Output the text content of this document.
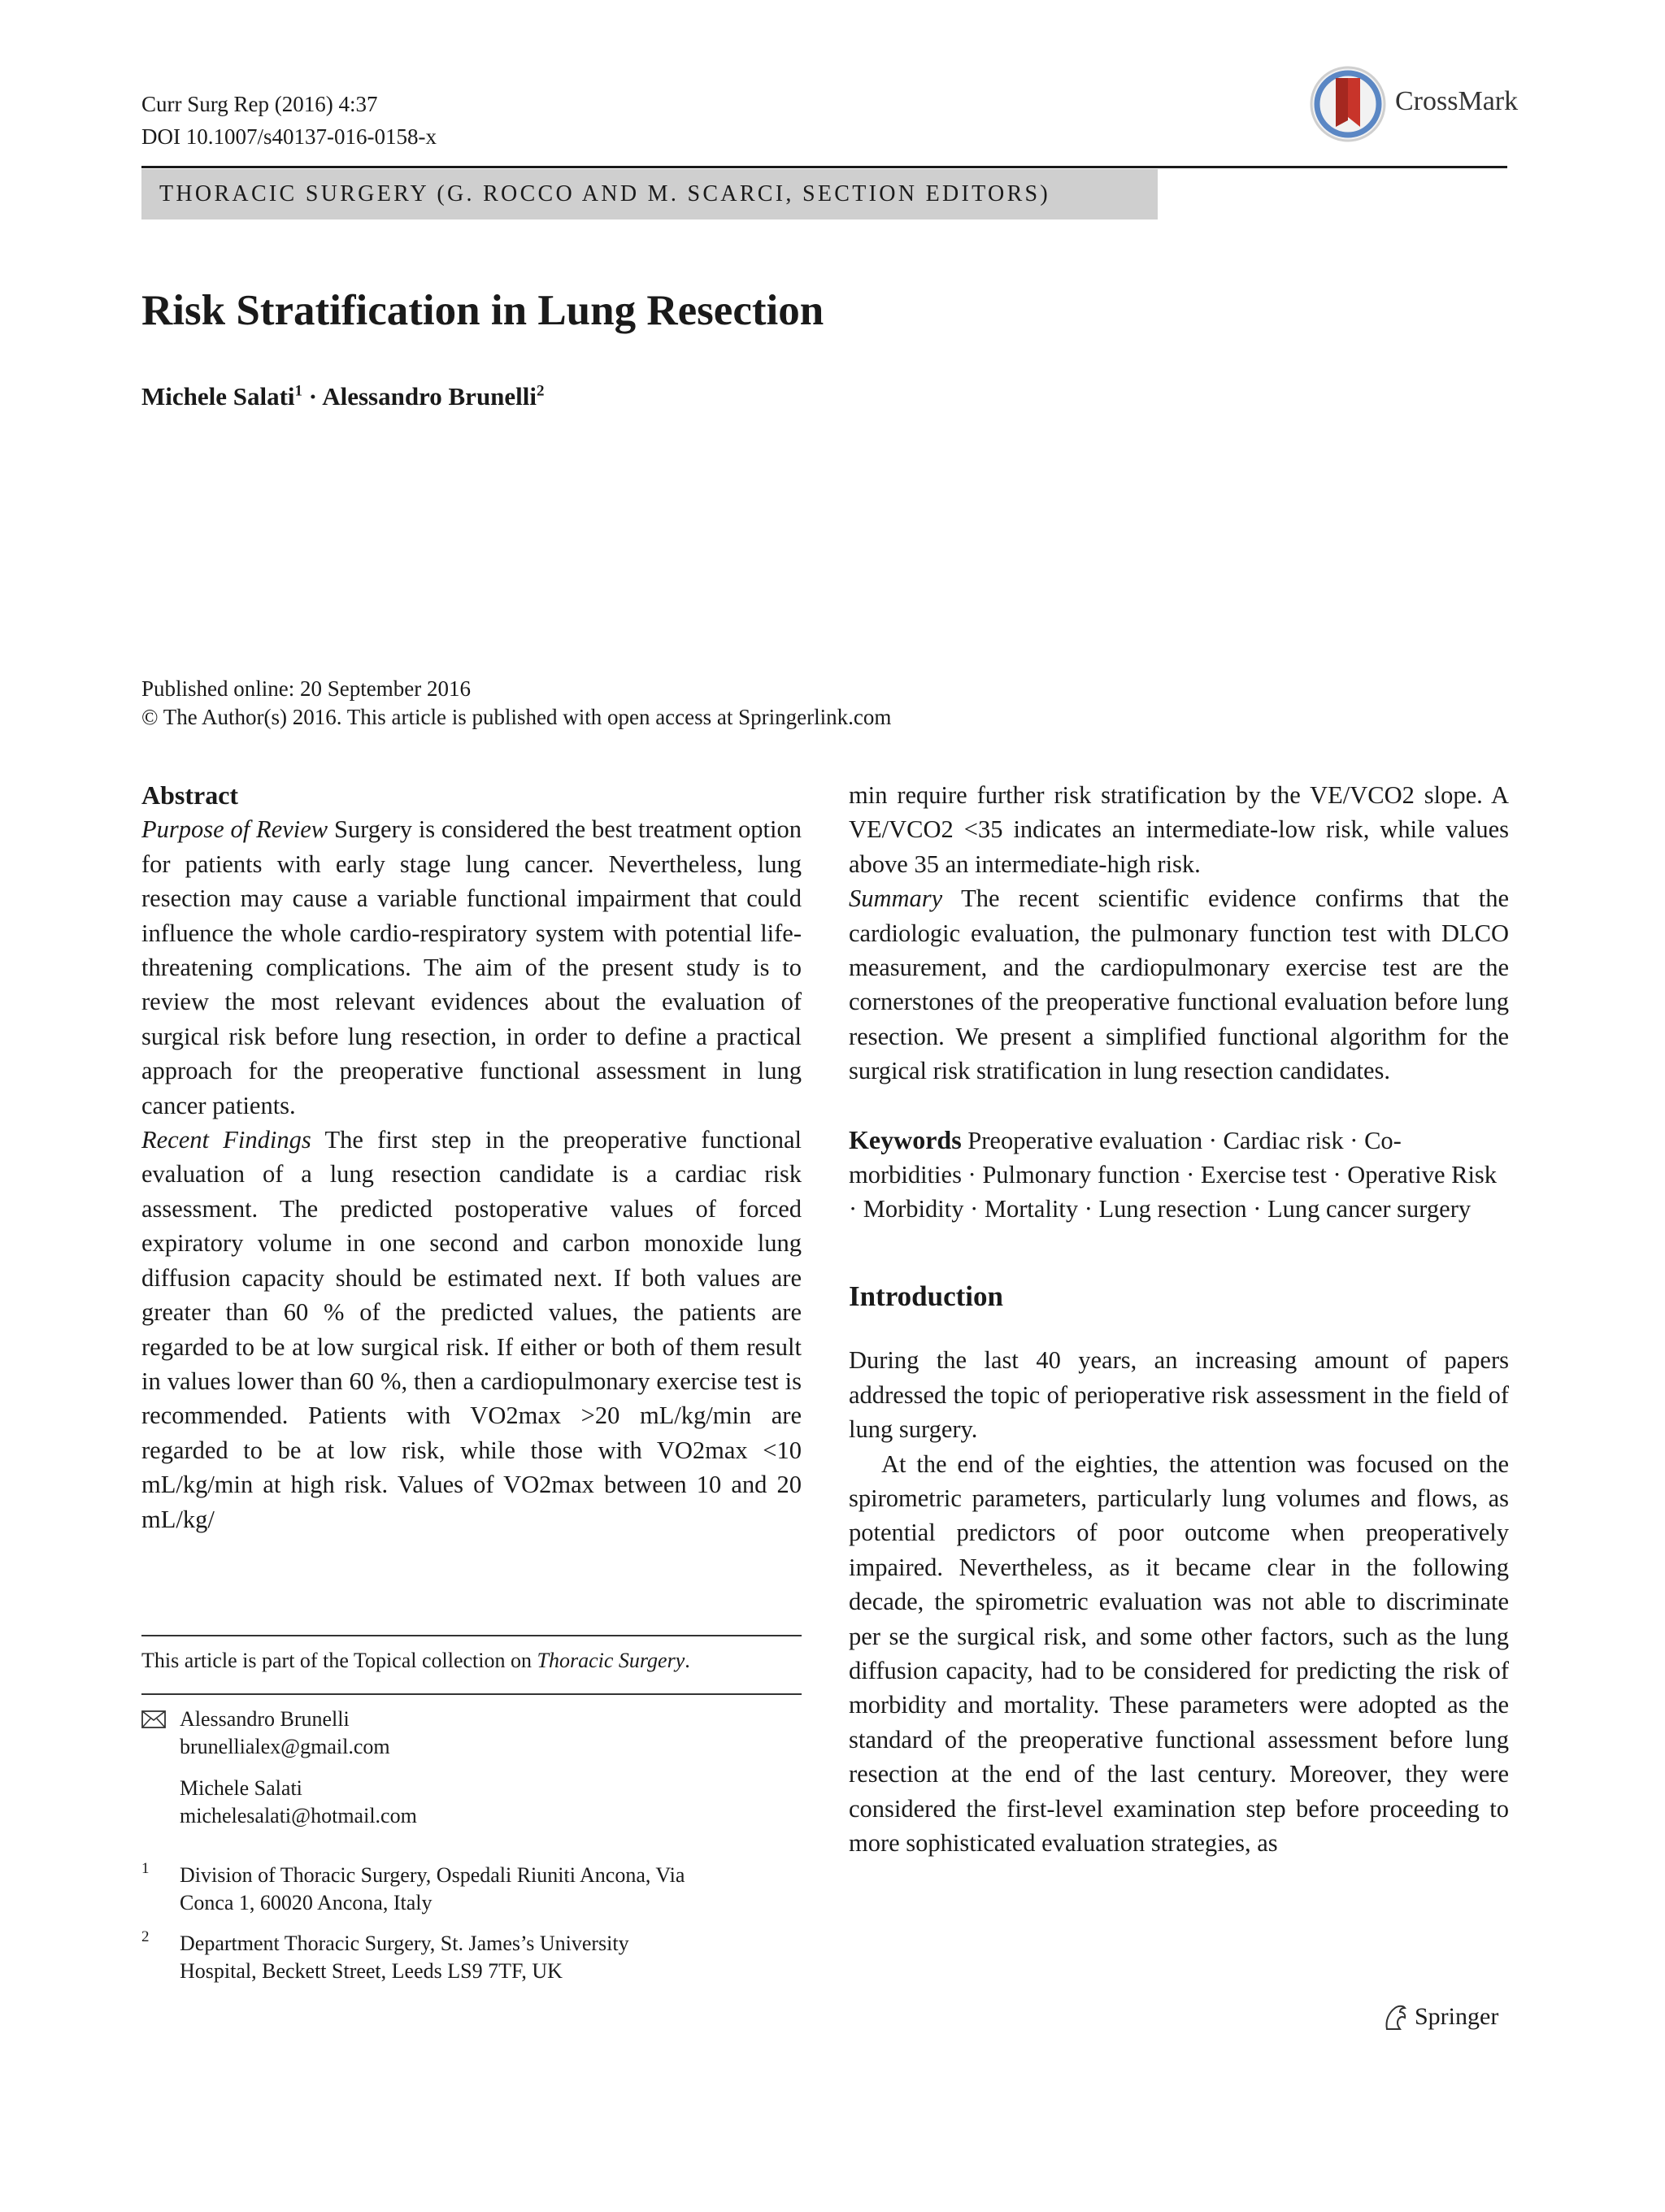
Curr Surg Rep (2016) 4:37
DOI 10.1007/s40137-016-0158-x
CrossMark
THORACIC SURGERY (G. ROCCO AND M. SCARCI, SECTION EDITORS)
Risk Stratification in Lung Resection
Michele Salati$^1$ · Alessandro Brunelli$^2$
Published online: 20 September 2016
© The Author(s) 2016. This article is published with open access at Springerlink.com

Abstract

Purpose of Review Surgery is considered the best treatment option for patients with early stage lung cancer. Nevertheless, lung resection may cause a variable functional impairment that could influence the whole cardio-respiratory system with potential life-threatening complications. The aim of the present study is to review the most relevant evidences about the evaluation of surgical risk before lung resection, in order to define a practical approach for the preoperative functional assessment in lung cancer patients.

Recent Findings The first step in the preoperative functional evaluation of a lung resection candidate is a cardiac risk assessment. The predicted postoperative values of forced expiratory volume in one second and carbon monoxide lung diffusion capacity should be estimated next. If both values are greater than 60 % of the predicted values, the patients are regarded to be at low surgical risk. If either or both of them result in values lower than 60 %, then a cardiopulmonary exercise test is recommended. Patients with VO2max >20 mL/kg/min are regarded to be at low risk, while those with VO2max <10 mL/kg/min at high risk. Values of VO2max between 10 and 20 mL/kg/

min require further risk stratification by the VE/VCO2 slope. A VE/VCO2 <35 indicates an intermediate-low risk, while values above 35 an intermediate-high risk.

Summary The recent scientific evidence confirms that the cardiologic evaluation, the pulmonary function test with DLCO measurement, and the cardiopulmonary exercise test are the cornerstones of the preoperative functional evaluation before lung resection. We present a simplified functional algorithm for the surgical risk stratification in lung resection candidates.

Keywords Preoperative evaluation · Cardiac risk · Co-morbidities · Pulmonary function · Exercise test · Operative Risk · Morbidity · Mortality · Lung resection · Lung cancer surgery

Introduction

During the last 40 years, an increasing amount of papers addressed the topic of perioperative risk assessment in the field of lung surgery.

At the end of the eighties, the attention was focused on the spirometric parameters, particularly lung volumes and flows, as potential predictors of poor outcome when preoperatively impaired. Nevertheless, as it became clear in the following decade, the spirometric evaluation was not able to discriminate per se the surgical risk, and some other factors, such as the lung diffusion capacity, had to be considered for predicting the risk of morbidity and mortality. These parameters were adopted as the standard of the preoperative functional assessment before lung resection at the end of the last century. Moreover, they were considered the first-level examination step before proceeding to more sophisticated evaluation strategies, as

This article is part of the Topical collection on Thoracic Surgery.
Alessandro Brunelli
brunellialex@gmail.com
Michele Salati
michelesalati@hotmail.com
1 Division of Thoracic Surgery, Ospedali Riuniti Ancona, Via
Conca 1, 60020 Ancona, Italy
2 Department Thoracic Surgery, St. James’s University
Hospital, Beckett Street, Leeds LS9 7TF, UK
Springer
